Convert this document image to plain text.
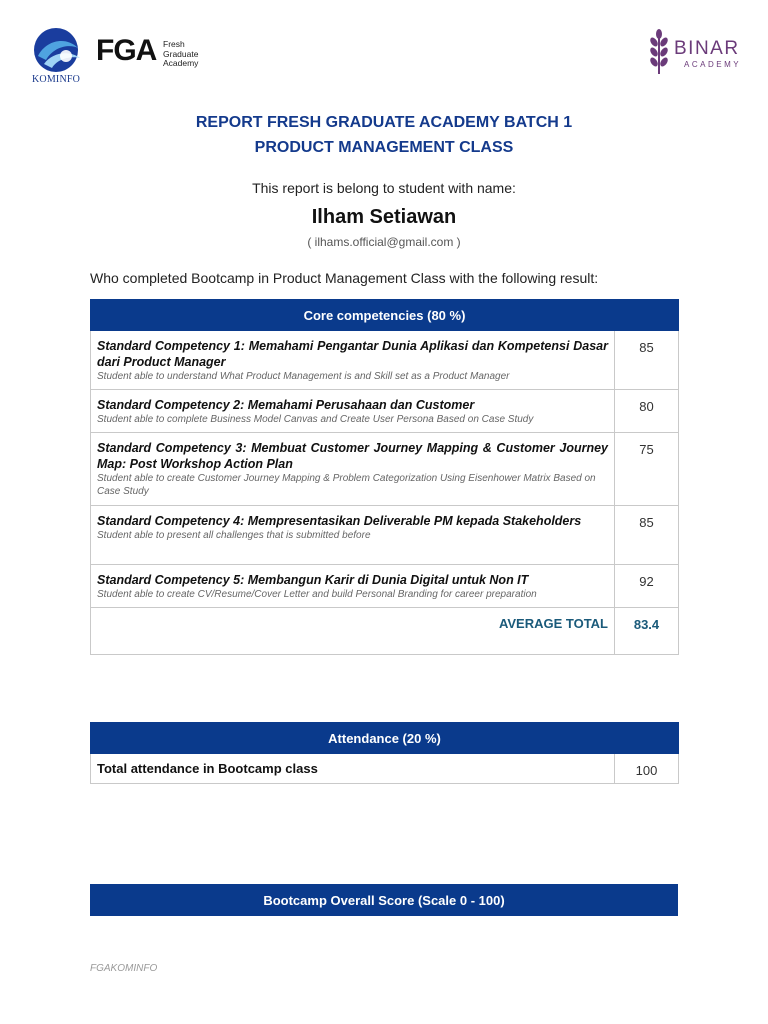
KOMINFO
FGA Fresh
Graduate
Academy
BINAR
ACADEMY
REPORT FRESH GRADUATE ACADEMY BATCH 1
PRODUCT MANAGEMENT CLASS
This report is belong to student with name:
Ilham Setiawan
( ilhams.official@gmail.com )
Who completed Bootcamp in Product Management Class with the following result:
Core competencies (80 %)	

Standard Competency 1: Memahami Pengantar Dunia Aplikasi dan Kompetensi Dasar dari Product Manager
Student able to understand What Product Management is and Skill set as a Product Manager	85

Standard Competency 2: Memahami Perusahaan dan Customer
Student able to complete Business Model Canvas and Create User Persona Based on Case Study	80

Standard Competency 3: Membuat Customer Journey Mapping & Customer Journey Map: Post Workshop Action Plan
Student able to create Customer Journey Mapping & Problem Categorization Using Eisenhower Matrix Based on Case Study	75

Standard Competency 4: Mempresentasikan Deliverable PM kepada Stakeholders
Student able to present all challenges that is submitted before	85

Standard Competency 5: Membangun Karir di Dunia Digital untuk Non IT
Student able to create CV/Resume/Cover Letter and build Personal Branding for career preparation	92
AVERAGE TOTAL	83.4
Attendance (20 %)
Total attendance in Bootcamp class	100
Bootcamp Overall Score (Scale 0 - 100)
FGAKOMINFO
